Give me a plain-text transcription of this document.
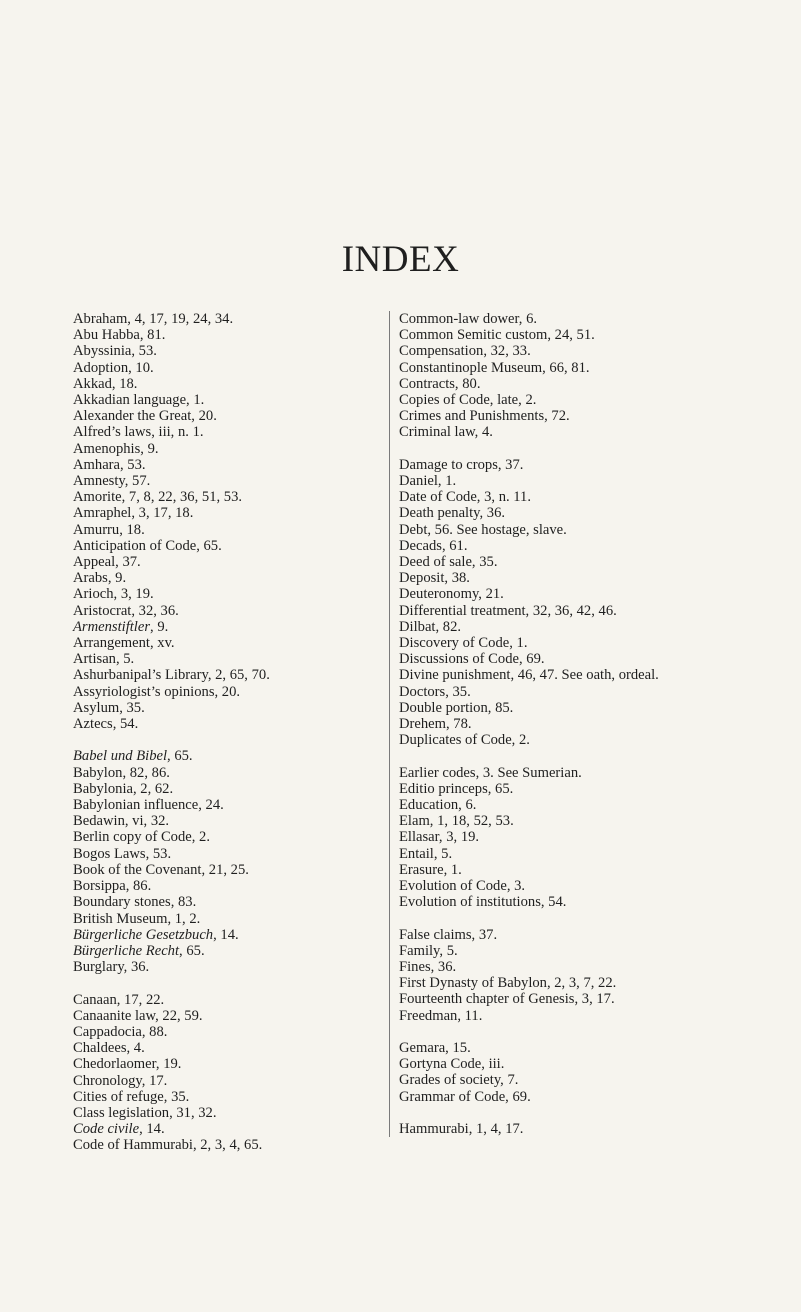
INDEX
Abraham, 4, 17, 19, 24, 34.
Abu Habba, 81.
Abyssinia, 53.
Adoption, 10.
Akkad, 18.
Akkadian language, 1.
Alexander the Great, 20.
Alfred’s laws, iii, n. 1.
Amenophis, 9.
Amhara, 53.
Amnesty, 57.
Amorite, 7, 8, 22, 36, 51, 53.
Amraphel, 3, 17, 18.
Amurru, 18.
Anticipation of Code, 65.
Appeal, 37.
Arabs, 9.
Arioch, 3, 19.
Aristocrat, 32, 36.
Armenstiftler, 9.
Arrangement, xv.
Artisan, 5.
Ashurbanipal’s Library, 2, 65, 70.
Assyriologist’s opinions, 20.
Asylum, 35.
Aztecs, 54.
Babel und Bibel, 65.
Babylon, 82, 86.
Babylonia, 2, 62.
Babylonian influence, 24.
Bedawin, vi, 32.
Berlin copy of Code, 2.
Bogos Laws, 53.
Book of the Covenant, 21, 25.
Borsippa, 86.
Boundary stones, 83.
British Museum, 1, 2.
Bürgerliche Gesetzbuch, 14.
Bürgerliche Recht, 65.
Burglary, 36.
Canaan, 17, 22.
Canaanite law, 22, 59.
Cappadocia, 88.
Chaldees, 4.
Chedorlaomer, 19.
Chronology, 17.
Cities of refuge, 35.
Class legislation, 31, 32.
Code civile, 14.
Code of Hammurabi, 2, 3, 4, 65.
Common-law dower, 6.
Common Semitic custom, 24, 51.
Compensation, 32, 33.
Constantinople Museum, 66, 81.
Contracts, 80.
Copies of Code, late, 2.
Crimes and Punishments, 72.
Criminal law, 4.
Damage to crops, 37.
Daniel, 1.
Date of Code, 3, n. 11.
Death penalty, 36.
Debt, 56. See hostage, slave.
Decads, 61.
Deed of sale, 35.
Deposit, 38.
Deuteronomy, 21.
Differential treatment, 32, 36, 42, 46.
Dilbat, 82.
Discovery of Code, 1.
Discussions of Code, 69.
Divine punishment, 46, 47. See oath, ordeal.
Doctors, 35.
Double portion, 85.
Drehem, 78.
Duplicates of Code, 2.
Earlier codes, 3. See Sumerian.
Editio princeps, 65.
Education, 6.
Elam, 1, 18, 52, 53.
Ellasar, 3, 19.
Entail, 5.
Erasure, 1.
Evolution of Code, 3.
Evolution of institutions, 54.
False claims, 37.
Family, 5.
Fines, 36.
First Dynasty of Babylon, 2, 3, 7, 22.
Fourteenth chapter of Genesis, 3, 17.
Freedman, 11.
Gemara, 15.
Gortyna Code, iii.
Grades of society, 7.
Grammar of Code, 69.
Hammurabi, 1, 4, 17.
